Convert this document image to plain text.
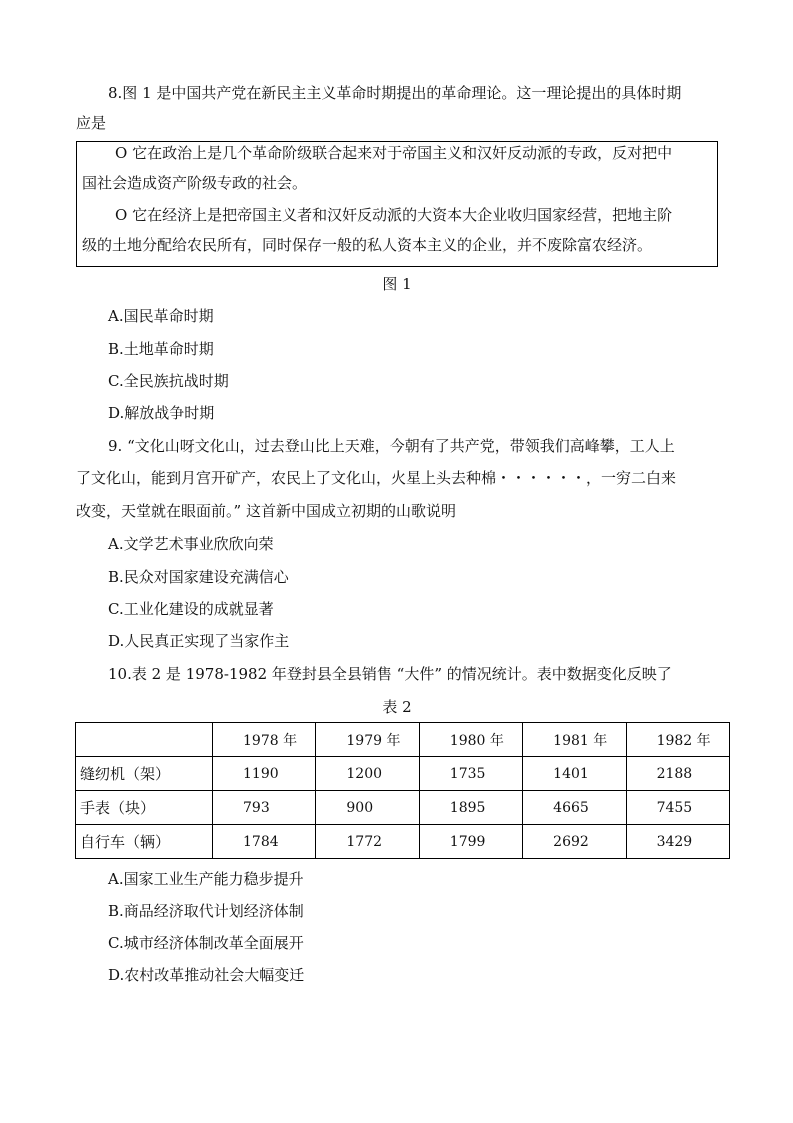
8.图 1 是中国共产党在新民主主义革命时期提出的革命理论。这一理论提出的具体时期
应是
O 它在政治上是几个革命阶级联合起来对于帝国主义和汉奸反动派的专政，反对把中
国社会造成资产阶级专政的社会。
O 它在经济上是把帝国主义者和汉奸反动派的大资本大企业收归国家经营，把地主阶
级的土地分配给农民所有，同时保存一般的私人资本主义的企业，并不废除富农经济。
图 1
A.国民革命时期
B.土地革命时期
C.全民族抗战时期
D.解放战争时期
9. “文化山呀文化山，过去登山比上天难，今朝有了共产党，带领我们高峰攀，工人上
了文化山，能到月宫开矿产，农民上了文化山，火星上头去种棉・・・・・・，一穷二白来
改变，天堂就在眼面前。” 这首新中国成立初期的山歌说明
A.文学艺术事业欣欣向荣
B.民众对国家建设充满信心
C.工业化建设的成就显著
D.人民真正实现了当家作主
10.表 2 是 1978-1982 年登封县全县销售 “大件” 的情况统计。表中数据变化反映了
表 2
	1978 年	1979 年	1980 年	1981 年	1982 年
缝纫机（架）	1190	1200	1735	1401	2188
手表（块）	793	900	1895	4665	7455
自行车（辆）	1784	1772	1799	2692	3429
A.国家工业生产能力稳步提升
B.商品经济取代计划经济体制
C.城市经济体制改革全面展开
D.农村改革推动社会大幅变迁
